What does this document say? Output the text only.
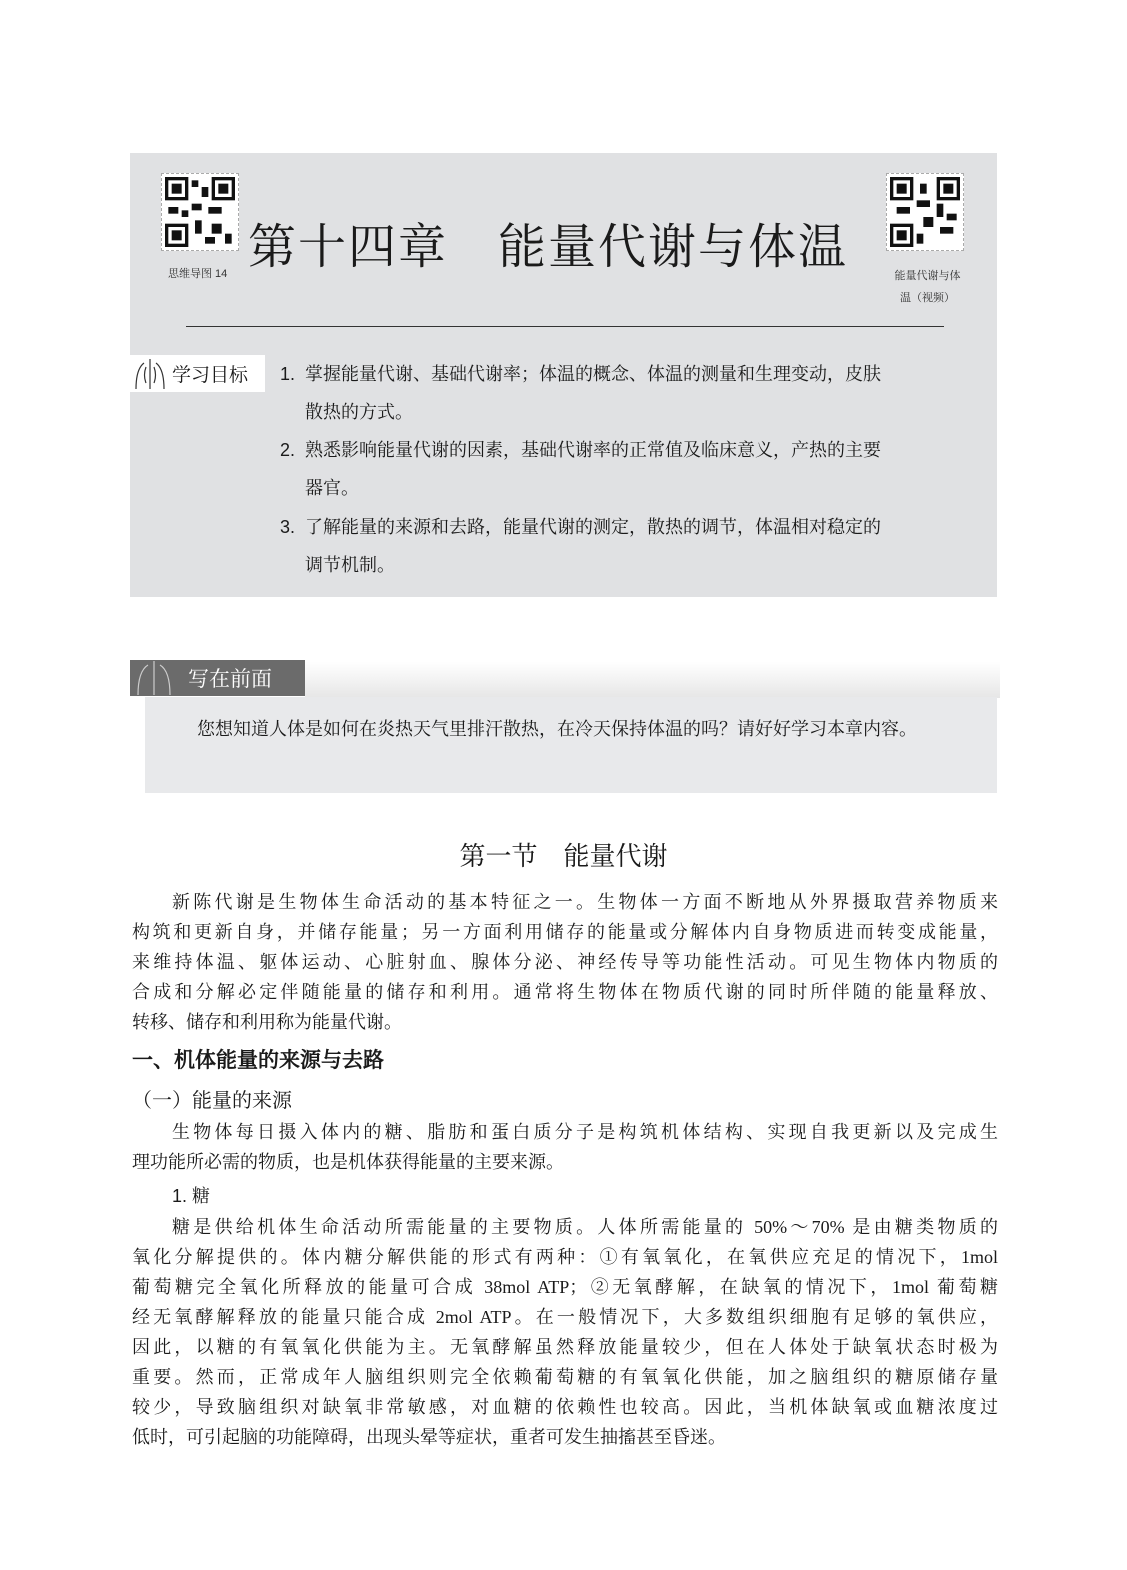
思维导图 14 第十四章　能量代谢与体温
能量代谢与体
温（视频）
学习目标 1. 掌握能量代谢、基础代谢率；体温的概念、体温的测量和生理变动，皮肤
散热的方式。
2. 熟悉影响能量代谢的因素，基础代谢率的正常值及临床意义，产热的主要
器官。
3. 了解能量的来源和去路，能量代谢的测定，散热的调节，体温相对稳定的
调节机制。
写在前面
您想知道人体是如何在炎热天气里排汗散热，在冷天保持体温的吗？请好好学习本章内容。
第一节　能量代谢
新陈代谢是生物体生命活动的基本特征之一。生物体一方面不断地从外界摄取营养物质来
构筑和更新自身，并储存能量；另一方面利用储存的能量或分解体内自身物质进而转变成能量，
来维持体温、躯体运动、心脏射血、腺体分泌、神经传导等功能性活动。可见生物体内物质的
合成和分解必定伴随能量的储存和利用。通常将生物体在物质代谢的同时所伴随的能量释放、
转移、储存和利用称为能量代谢。
一、机体能量的来源与去路
（一）能量的来源
生物体每日摄入体内的糖、脂肪和蛋白质分子是构筑机体结构、实现自我更新以及完成生
理功能所必需的物质，也是机体获得能量的主要来源。
1. 糖
糖是供给机体生命活动所需能量的主要物质。人体所需能量的 50%～70% 是由糖类物质的
氧化分解提供的。体内糖分解供能的形式有两种：①有氧氧化，在氧供应充足的情况下，1mol
葡萄糖完全氧化所释放的能量可合成 38mol ATP；②无氧酵解，在缺氧的情况下，1mol 葡萄糖
经无氧酵解释放的能量只能合成 2mol ATP。在一般情况下，大多数组织细胞有足够的氧供应，
因此，以糖的有氧氧化供能为主。无氧酵解虽然释放能量较少，但在人体处于缺氧状态时极为
重要。然而，正常成年人脑组织则完全依赖葡萄糖的有氧氧化供能，加之脑组织的糖原储存量
较少，导致脑组织对缺氧非常敏感，对血糖的依赖性也较高。因此，当机体缺氧或血糖浓度过
低时，可引起脑的功能障碍，出现头晕等症状，重者可发生抽搐甚至昏迷。
